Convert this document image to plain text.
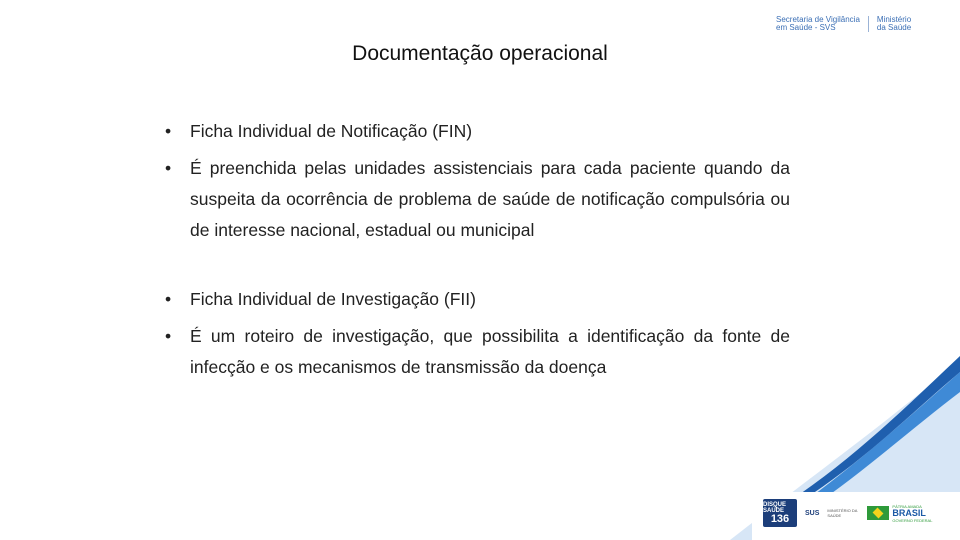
Secretaria de Vigilância
em Saúde - SVS
Ministério
da Saúde
Documentação operacional
• Ficha Individual de Notificação (FIN)
• É preenchida pelas unidades assistenciais para cada paciente quando da suspeita da ocorrência de problema de saúde de notificação compulsória ou de interesse nacional, estadual ou municipal
• Ficha Individual de Investigação (FII)
• É um roteiro de investigação, que possibilita a identificação da fonte de infecção e os mecanismos de transmissão da doença
DISQUE SAÚDE
136 SUS MINISTÉRIO DA SAÚDE
PÁTRIA AMADA
BRASIL
GOVERNO FEDERAL
